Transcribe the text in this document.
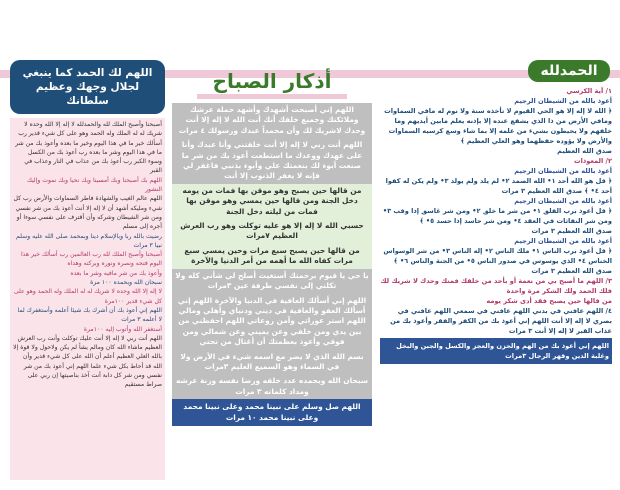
اللهم لك الحمد كما ينبغي لجلال وجهك وعظيم سلطانك

أصبحنا وأصبح الملك لله والحمدلله لا إله إلا الله وحده لا شريك له له الملك وله الحمد وهو على كل شيء قدير رب أسألك خير ما في هذا اليوم وخير ما بعده وأعوذ بك من شر ما في هذا اليوم وشر ما بعده رب أعوذ بك من الكسل وسوء الكبر رب أعوذ بك من عذاب في النار وعذاب في القبر

اللهم بك أصبحنا وبك أمسينا وبك نحيا وبك نموت وإليك النشور

اللهم عالم الغيب والشهادة فاطر السماوات والأرض رب كل شيء ومليكه أشهد أن لا إله إلا أنت أعوذ بك من شر نفسي ومن شر الشيطان وشركه وأن أقترف على نفسي سوءا أو أجره إلى مسلم

رضيت بالله ربا وبالإسلام دينا وبمحمد صلى الله عليه وسلم نبيا ٣ مرات

أصبحنا وأصبح الملك لله رب العالمين رب أسألك خير هذا اليوم فتحه ونصره ونوره وبركته وهداه

وأعوذ بك من شر مافيه وشر ما بعده

سبحان الله وبحمده ١٠٠ مرة

لا إله إلا الله وحده لا شريك له له الملك وله الحمد وهو على كل شيء قدير ١٠٠مرة

اللهم إني أعوذ بك أن أشرك بك شيئا أعلمه وأستغفرك لما لا أعلمه ٣ مرات

أستغفر الله وأتوب إليه ١٠٠مرة

اللهم أنت ربي لا إله إلا أنت عليك توكلت وأنت رب العرش العظيم ماشاء الله كان ومالم يشأ لم يكن ولاحول ولا قوة إلا بالله العلي العظيم أعلم أن الله على كل شيء قدير وأن الله قد أحاط بكل شيء علما اللهم إني أعوذ بك من شر نفسي ومن شر كل دابة أنت آخذ بناصيتها إن ربي على صراط مستقيم

أذكار الصباح

اللهم إني أصبحت أشهدك وأشهد حملة عرشك وملائكتك وجميع خلقك أنك أنت الله لا إله إلا أنت وحدك لاشريك لك وأن محمداً عبدك ورسولك ٤ مرات

اللهم أنت ربي لا إله إلا أنت خلقتني وأنا عبدك وأنا على عهدك ووعدك ما استطعت أعوذ بك من شر ما صنعت أبوء لك بنعمتك علي وأبوء بذنبي فاغفر لي فإنه لا يغفر الذنوب إلا أنت

من قالها حين يصبح وهو موقن بها فمات من يومه دخل الجنة ومن قالها حين يمسي وهو موقن بها فمات من ليلته دخل الجنة

حسبي الله لا إله إلا هو عليه توكلت وهو رب العرش العظيم ٧مرات

من قالها حين يصبح سبع مرات وحين يمسي سبع مرات كفاه الله ما أهمه من أمر الدنيا والآخرة

يا حي يا قيوم برحمتك أستغيث أصلح لي شأني كله ولا تكلني إلى نفسي طرفة عين ٣مرات

اللهم إني أسألك العافية في الدنيا والآخرة اللهم إني أسألك العفو والعافية في ديني ودنياي وأهلي ومالي اللهم استر عوراتي وآمن روعاتي اللهم احفظني من بين يدي ومن خلفي وعن يميني وعن شمالي ومن فوقي وأعوذ بعظمتك أن أغتال من تحتي

بسم الله الذي لا يضر مع اسمه شيء في الأرض ولا في السماء وهو السميع العليم ٣مرات

سبحان الله وبحمده عدد خلقه ورضا نفسه وزنة عرشه ومداد كلماته ٣ مرات

اللهم صل وسلم على نبينا محمد وعلى نبينا محمد وعلى نبينا محمد ١٠ مرات
الحمدلله

١/ آية الكرسي

أعوذ بالله من الشيطان الرجيم

﴿ الله لا إله إلا هو الحي القيوم لا تأخذه سنة ولا نوم له مافي السماوات ومافي الأرض من ذا الذي يشفع عنده إلا بإذنه يعلم مابين أيديهم وما خلفهم ولا يحيطون بشيء من علمه إلا بما شاء وسع كرسيه السماوات والأرض ولا يؤوده حفظهما وهو العلي العظيم ﴾

صدق الله العظيم

٢/ المعوذات

أعوذ بالله من الشيطان الرجيم

﴿ قل هو الله أحد ١• الله الصمد ٢• لم يلد ولم يولد ٣• ولم يكن له كفوا أحد ٤• ﴾ صدق الله العظيم ٣ مرات

أعوذ بالله من الشيطان الرجيم

﴿ قل أعوذ برب الفلق ١• من شر ما خلق ٢• ومن شر غاسق إذا وقب ٣• ومن شر النفاثات في العقد ٤• ومن شر حاسد إذا حسد ٥• ﴾

صدق الله العظيم ٣ مرات

أعوذ بالله من الشيطان الرجيم

﴿ قل أعوذ برب الناس ١• ملك الناس ٢• إله الناس ٣• من شر الوسواس الخناس ٤• الذي يوسوس في صدور الناس ٥• من الجنة والناس ٦• ﴾

صدق الله العظيم ٣ مرات

٣/ اللهم ما أصبح بي من نعمة أو بأحد من خلقك فمنك وحدك لا شريك لك فلك الحمد ولك الشكر مرة واحدة

من قالها حين يصبح فقد أدى شكر يومه

٤/ اللهم عافني في بدني اللهم عافني في سمعي اللهم عافني في بصري لا إله إلا أنت اللهم إني أعوذ بك من الكفر والفقر وأعوذ بك من عذاب القبر لا إله إلا أنت ٣ مرات

اللهم إني أعوذ بك من الهم والحزن والعجز والكسل والجبن والبخل وغلبة الدين وقهر الرجال ٣مرات
